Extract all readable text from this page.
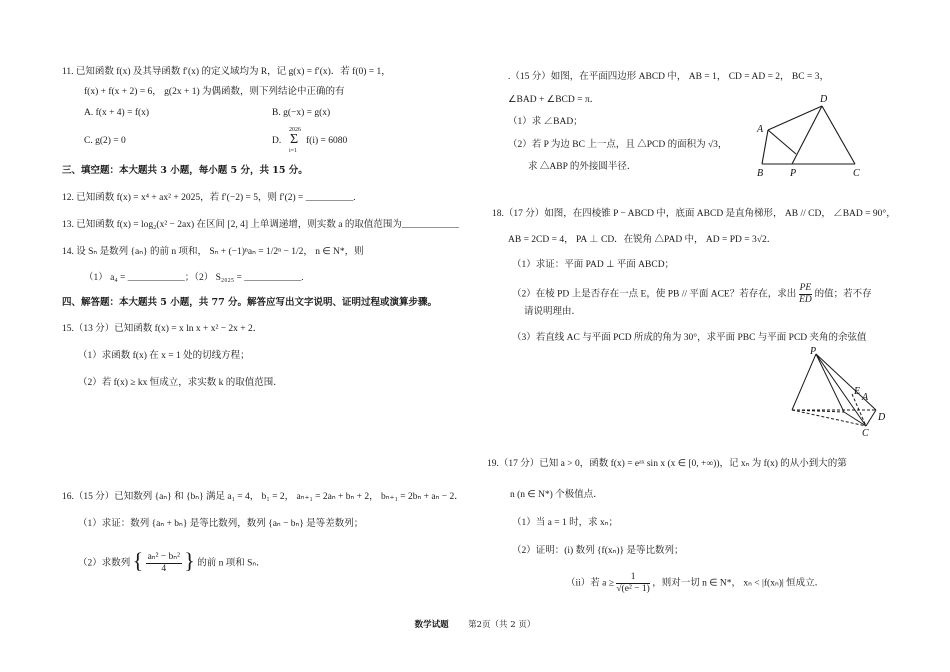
11. 已知函数 f(x) 及其导函数 f′(x) 的定义域均为 R，记 g(x) = f′(x)．若 f(0) = 1，
f(x) + f(x + 2) = 6， g(2x + 1) 为偶函数，则下列结论中正确的有
A. f(x + 4) = f(x)	B. g(−x) = g(x)
C. g(2) = 0	D.
2026
Σ
i=1
f(i) = 6080
三、填空题：本大题共 3 小题，每小题 5 分，共 15 分。
12. 已知函数 f(x) = x⁴ + ax² + 2025，若 f′(−2) = 5，则 f′(2) = __________.
13. 已知函数 f(x) = log₂(x² − 2ax) 在区间 [2, 4] 上单调递增，则实数 a 的取值范围为____________
14. 设 Sₙ 是数列 {aₙ} 的前 n 项和， Sₙ + (−1)ⁿaₙ = 1/2ⁿ − 1/2， n ∈ N*，则
（1） a₄ = ____________；（2） S₂₀₂₅ = ____________.
四、解答题：本大题共 5 小题，共 77 分。解答应写出文字说明、证明过程或演算步骤。
15.（13 分）已知函数 f(x) = x ln x + x² − 2x + 2．
（1）求函数 f(x) 在 x = 1 处的切线方程；
（2）若 f(x) ≥ kx 恒成立，求实数 k 的取值范围．
16.（15 分）已知数列 {aₙ} 和 {bₙ} 满足 a₁ = 4， b₁ = 2， aₙ₊₁ = 2aₙ + bₙ + 2， bₙ₊₁ = 2bₙ + aₙ − 2．
（1）求证：数列 {aₙ + bₙ} 是等比数列，数列 {aₙ − bₙ} 是等差数列；
（2）求数列 { $\frac{\text{aₙ² − bₙ²}}{4}$ } 的前 n 项和 Sₙ．
.（15 分）如图，在平面四边形 ABCD 中， AB = 1， CD = AD = 2， BC = 3，
∠BAD + ∠BCD = π．
（1）求 ∠BAD；
（2）若 P 为边 BC 上一点，且 △PCD 的面积为 √3，
求 △ABP 的外接圆半径．
D
A
B	P	C
18.（17 分）如图，在四棱锥 P − ABCD 中，底面 ABCD 是直角梯形， AB // CD， ∠BAD = 90°，
AB = 2CD = 4， PA ⊥ CD．在锐角 △PAD 中， AD = PD = 3√2．
（1）求证：平面 PAD ⊥ 平面 ABCD；
（2）在棱 PD 上是否存在一点 E，使 PB // 平面 ACE？若存在，求出 $\frac{PE}{ED}$ 的值；若不存
请说明理由．
（3）若直线 AC 与平面 PCD 所成的角为 30°，求平面 PBC 与平面 PCD 夹角的余弦值
P
E
A
D
C
19.（17 分）已知 a > 0，函数 f(x) = eᵃˣ sin x (x ∈ [0, +∞))，记 xₙ 为 f(x) 的从小到大的第
n (n ∈ N*) 个极值点．
（1）当 a = 1 时，求 xₙ；
（2）证明：(i) 数列 {f(xₙ)} 是等比数列；
（ii）若 $a \ge \frac{1}{\text{√(e² − 1)}}$ ，则对一切 n ∈ N*， xₙ < |f(xₙ)| 恒成立．
数学试题 第2页（共 2 页）
